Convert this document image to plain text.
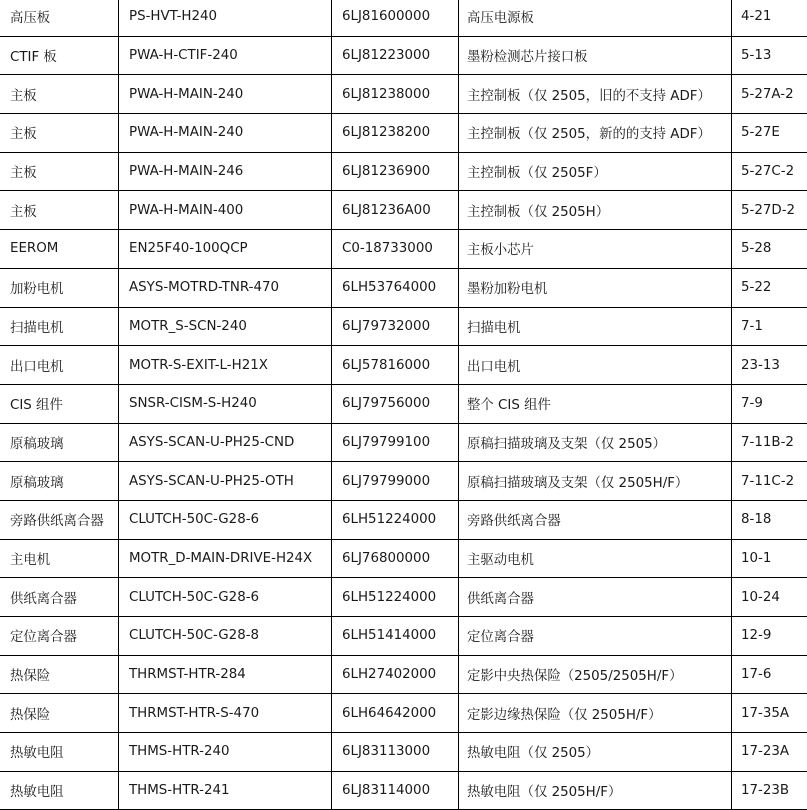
高压板	PS-HVT-H240	6LJ81600000	高压电源板	4-21
CTIF 板	PWA-H-CTIF-240	6LJ81223000	墨粉检测芯片接口板	5-13
主板	PWA-H-MAIN-240	6LJ81238000	主控制板（仅 2505，旧的不支持 ADF）	5-27A-2
主板	PWA-H-MAIN-240	6LJ81238200	主控制板（仅 2505，新的的支持 ADF）	5-27E
主板	PWA-H-MAIN-246	6LJ81236900	主控制板（仅 2505F）	5-27C-2
主板	PWA-H-MAIN-400	6LJ81236A00	主控制板（仅 2505H）	5-27D-2
EEROM	EN25F40-100QCP	C0-18733000	主板小芯片	5-28
加粉电机	ASYS-MOTRD-TNR-470	6LH53764000	墨粉加粉电机	5-22
扫描电机	MOTR_S-SCN-240	6LJ79732000	扫描电机	7-1
出口电机	MOTR-S-EXIT-L-H21X	6LJ57816000	出口电机	23-13
CIS 组件	SNSR-CISM-S-H240	6LJ79756000	整个 CIS 组件	7-9
原稿玻璃	ASYS-SCAN-U-PH25-CND	6LJ79799100	原稿扫描玻璃及支架（仅 2505）	7-11B-2
原稿玻璃	ASYS-SCAN-U-PH25-OTH	6LJ79799000	原稿扫描玻璃及支架（仅 2505H/F）	7-11C-2
旁路供纸离合器	CLUTCH-50C-G28-6	6LH51224000	旁路供纸离合器	8-18
主电机	MOTR_D-MAIN-DRIVE-H24X	6LJ76800000	主驱动电机	10-1
供纸离合器	CLUTCH-50C-G28-6	6LH51224000	供纸离合器	10-24
定位离合器	CLUTCH-50C-G28-8	6LH51414000	定位离合器	12-9
热保险	THRMST-HTR-284	6LH27402000	定影中央热保险（2505/2505H/F）	17-6
热保险	THRMST-HTR-S-470	6LH64642000	定影边缘热保险（仅 2505H/F）	17-35A
热敏电阻	THMS-HTR-240	6LJ83113000	热敏电阻（仅 2505）	17-23A
热敏电阻	THMS-HTR-241	6LJ83114000	热敏电阻（仅 2505H/F）	17-23B
